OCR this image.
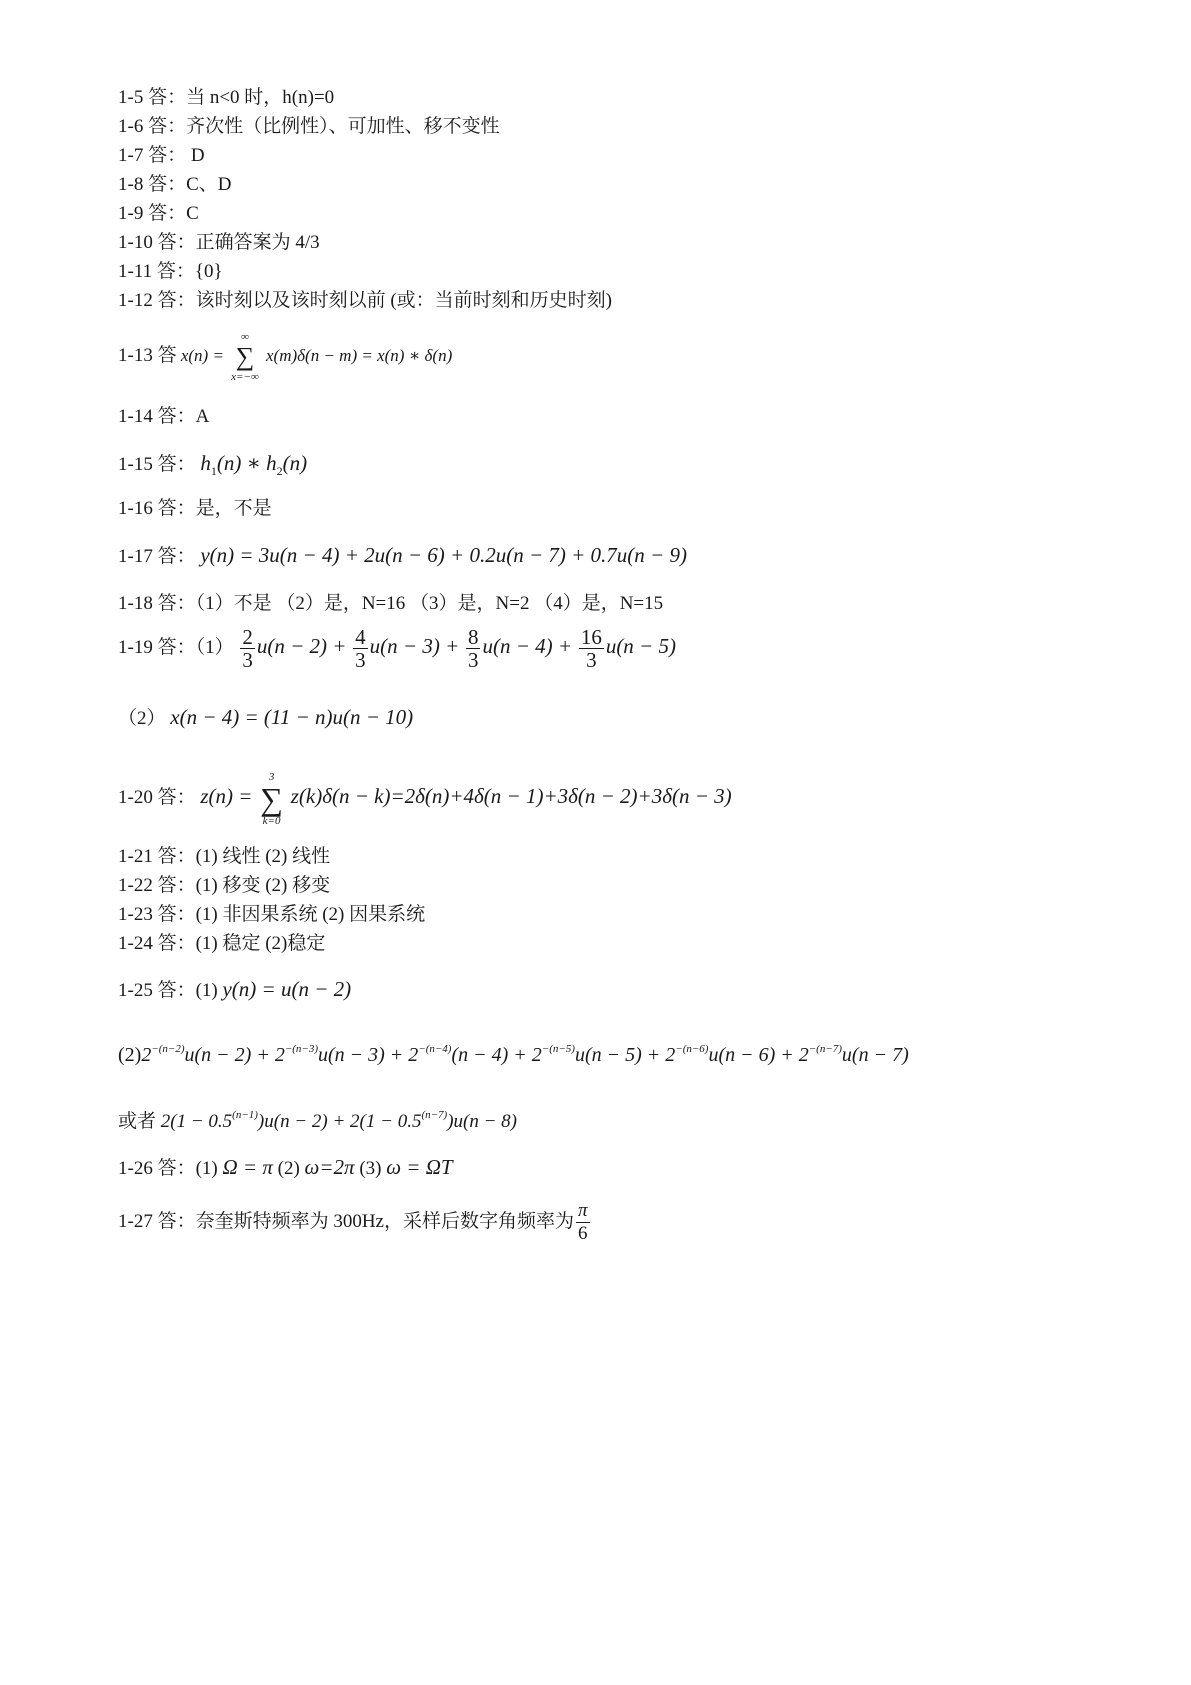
1-5 答：当 n<0 时，h(n)=0
1-6 答：齐次性（比例性）、可加性、移不变性
1-7 答： D
1-8 答：C、D
1-9 答：C
1-10 答：正确答案为 4/3
1-11 答：{0}
1-12 答：该时刻以及该时刻以前 (或：当前时刻和历史时刻)
1-13 答 x(n) =
∞
∑
x=−∞
x(m)δ(n − m) = x(n) ∗ δ(n)
1-14 答：A
1-15 答： $h_1(n)$ ∗ $h_2(n)$
1-16 答：是，不是
1-17 答： y(n) = 3u(n − 4) + 2u(n − 6) + 0.2u(n − 7) + 0.7u(n − 9)
1-18 答：（1）不是 （2）是，N=16 （3）是，N=2 （4）是，N=15
1-19 答：$(1) \frac{2}{3} u(n - 2) + \frac{4}{3} u(n - 3) + \frac{8}{3} u(n - 4) + \frac{16}{3} u(n - 5)$
（2） x(n − 4) = (11 − n)u(n − 10)
1-20 答： z(n) =
3
∑
k=0
z(k)δ(n − k)=2δ(n)+4δ(n − 1)+3δ(n − 2)+3δ(n − 3)
1-21 答：(1) 线性 (2) 线性
1-22 答：(1) 移变 (2) 移变
1-23 答：(1) 非因果系统 (2) 因果系统
1-24 答：(1) 稳定 (2)稳定
1-25 答：(1) y(n) = u(n − 2)
$(2)2^{-(n-2)}u(n - 2) + 2^{-(n-3)}u(n - 3) + 2^{-(n-4)}(n - 4) + 2^{-(n-5)}u(n - 5) + 2^{-(n-6)}u(n - 6) + 2^{-(n-7)}u(n - 7)$
或者 $2(1 - 0.5^{(n-1)})u(n - 2) + 2(1 - 0.5^{(n-7)})u(n - 8)$
1-26 答：(1) Ω = π (2) ω=2π (3) ω = ΩT
1-27 答：奈奎斯特频率为 300Hz，采样后数字角频率为 $\frac{\pi}{6}$
